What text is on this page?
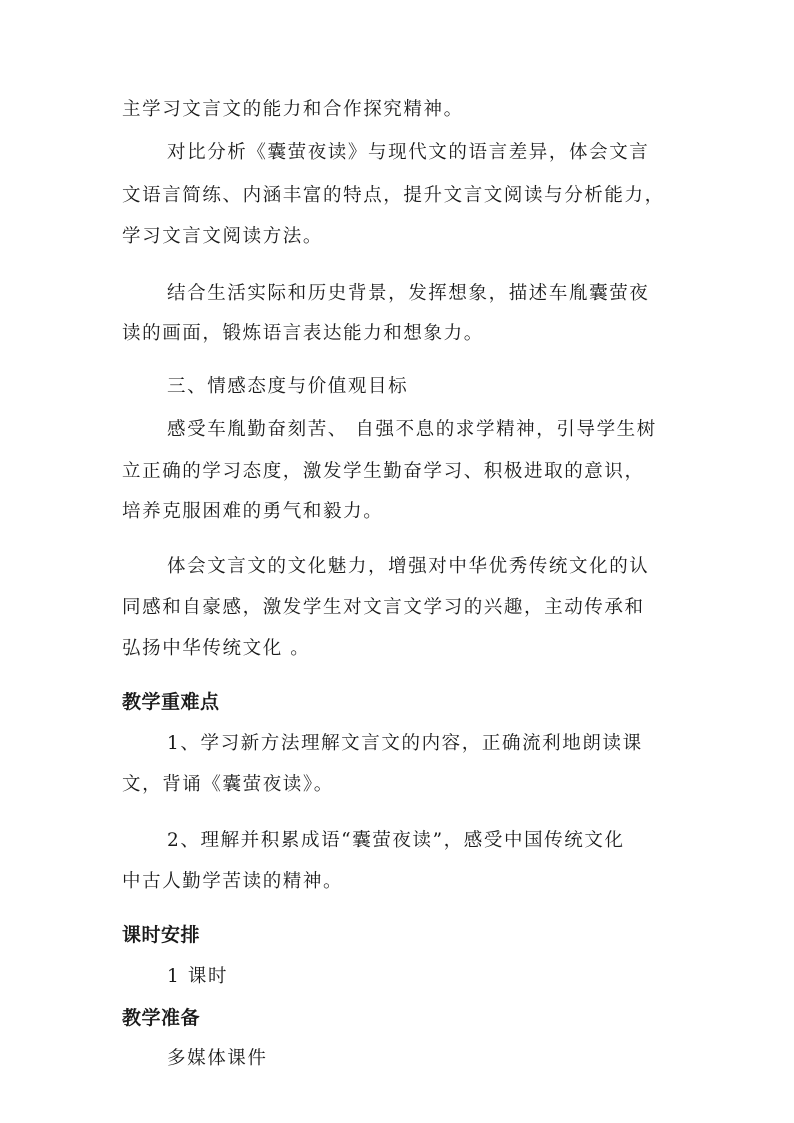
主学习文言文的能力和合作探究精神。
对比分析《囊萤夜读》与现代文的语言差异，体会文言
文语言简练、内涵丰富的特点，提升文言文阅读与分析能力，
学习文言文阅读方法。
结合生活实际和历史背景，发挥想象，描述车胤囊萤夜
读的画面，锻炼语言表达能力和想象力。
三、情感态度与价值观目标
感受车胤勤奋刻苦、 自强不息的求学精神，引导学生树
立正确的学习态度，激发学生勤奋学习、积极进取的意识，
培养克服困难的勇气和毅力。
体会文言文的文化魅力，增强对中华优秀传统文化的认
同感和自豪感，激发学生对文言文学习的兴趣，主动传承和
弘扬中华传统文化 。
教学重难点
1、学习新方法理解文言文的内容，正确流利地朗读课
文，背诵《囊萤夜读》。
2、理解并积累成语“囊萤夜读”，感受中国传统文化
中古人勤学苦读的精神。
课时安排
1 课时
教学准备
多媒体课件
